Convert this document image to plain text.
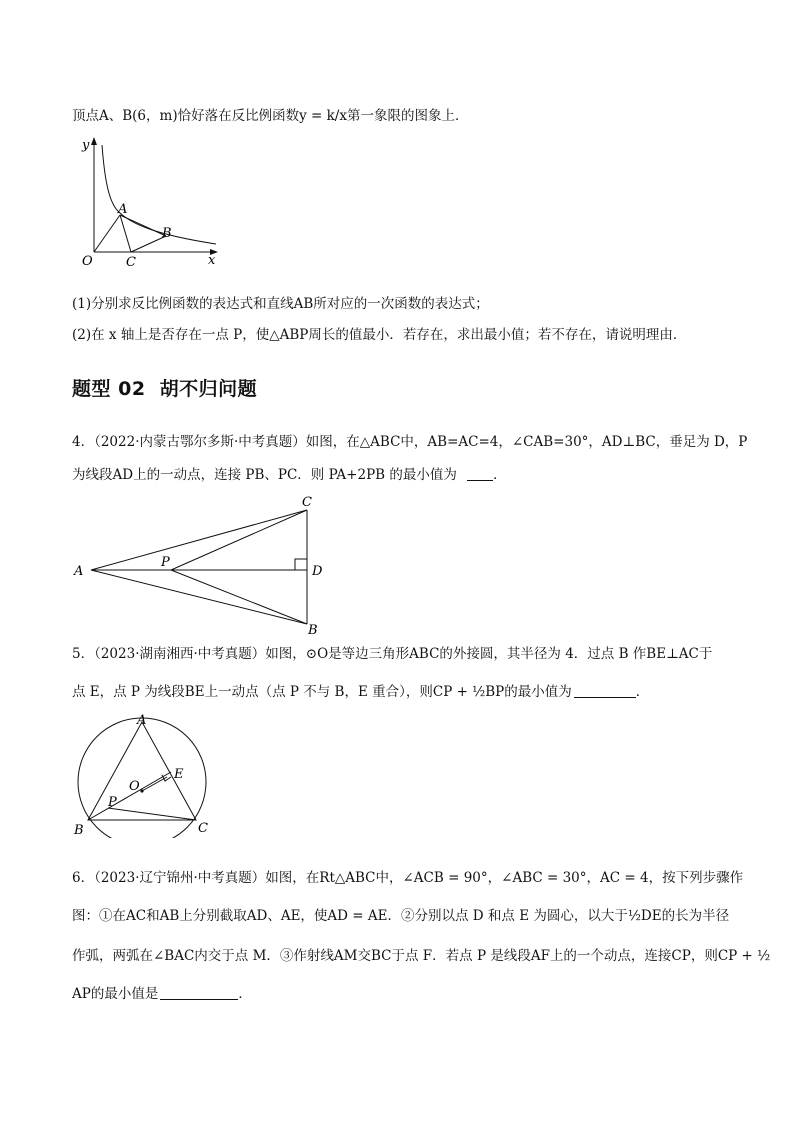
顶点A、B(6，m)恰好落在反比例函数y = k/x第一象限的图象上．
y
x
O
A
B
C
(1)分别求反比例函数的表达式和直线AB所对应的一次函数的表达式；
(2)在 x 轴上是否存在一点 P，使△ABP周长的值最小．若存在，求出最小值；若不存在，请说明理由．
题型 02 胡不归问题
4．（2022·内蒙古鄂尔多斯·中考真题）如图，在△ABC中，AB=AC=4，∠CAB=30°，AD⊥BC，垂足为 D，P
为线段AD上的一动点，连接 PB、PC．则 PA+2PB 的最小值为	．
A
P
C
D
B
5．（2023·湖南湘西·中考真题）如图，⊙O是等边三角形ABC的外接圆，其半径为 4．过点 B 作BE⊥AC于
点 E，点 P 为线段BE上一动点（点 P 不与 B，E 重合），则CP + ½BP的最小值为	．
A
O
E
P
B	C
6．（2023·辽宁锦州·中考真题）如图，在Rt△ABC中，∠ACB = 90°，∠ABC = 30°，AC = 4，按下列步骤作
图：①在AC和AB上分别截取AD、AE，使AD = AE．②分别以点 D 和点 E 为圆心，以大于½DE的长为半径
作弧，两弧在∠BAC内交于点 M．③作射线AM交BC于点 F．若点 P 是线段AF上的一个动点，连接CP，则CP + ½
AP的最小值是	．
